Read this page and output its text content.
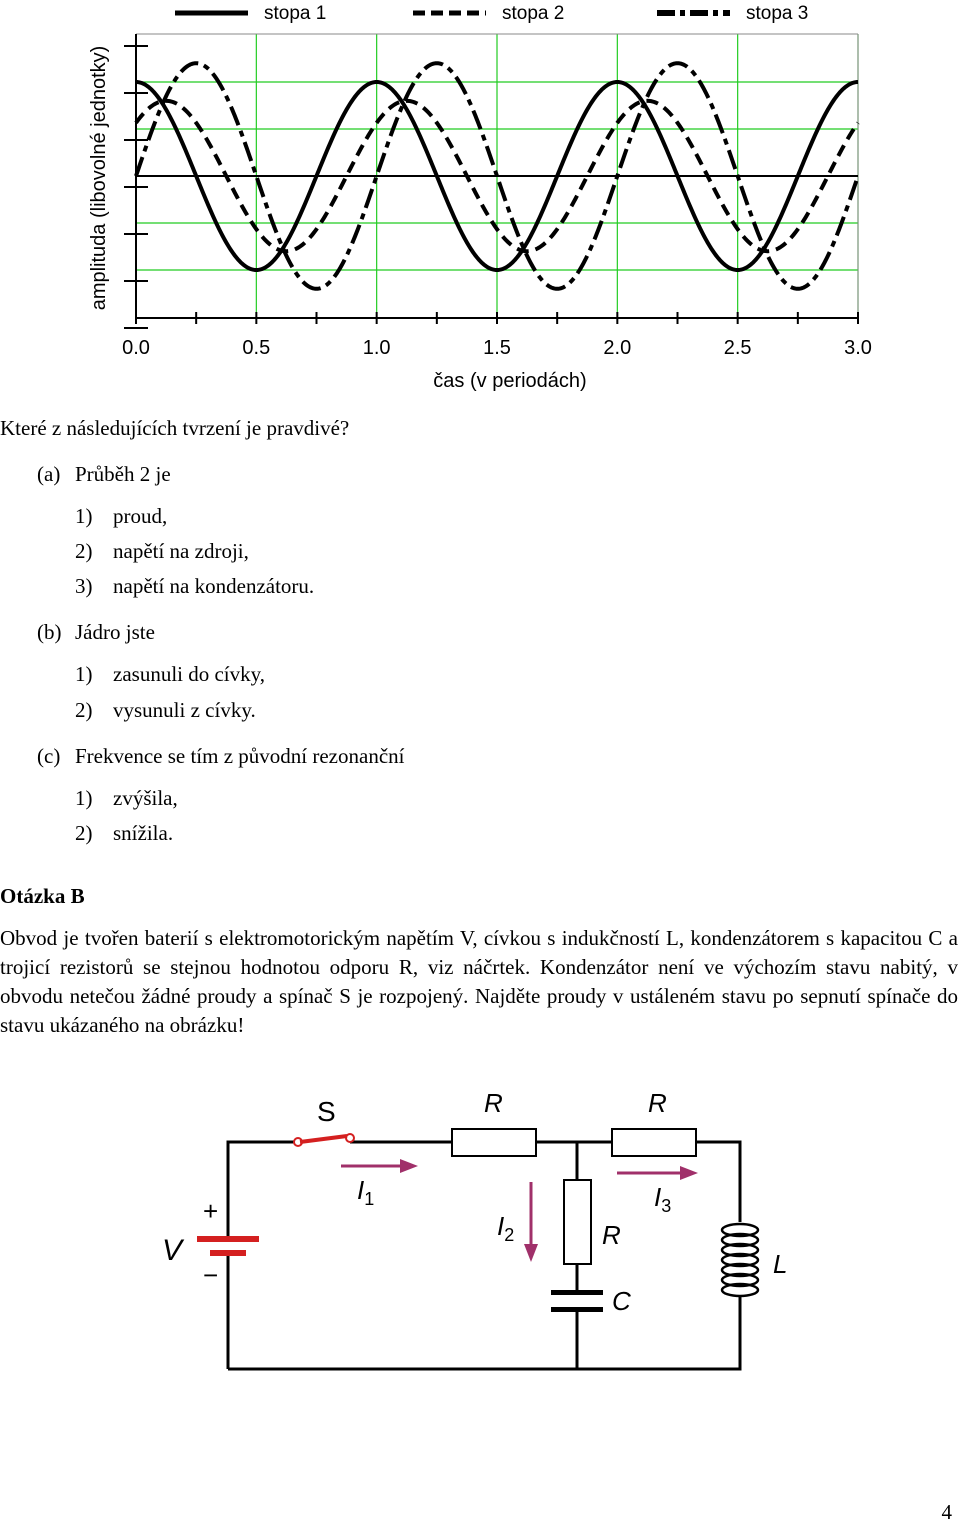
stopa 1	stopa 2	stopa 3
0.0	0.5	1.0	1.5	2.0	2.5	3.0
čas (v periodách)
amplituda (libovolné jednotky)
Které z následujících tvrzení je pravdivé?
(a) Průběh 2 je
1) proud,
2) napětí na zdroji,
3) napětí na kondenzátoru.
(b) Jádro jste
1) zasunuli do cívky,
2) vysunuli z cívky.
(c) Frekvence se tím z původní rezonanční
1) zvýšila,
2) snížila.
Otázka B
Obvod je tvořen baterií s elektromotorickým napětím V, cívkou s indukčností L, kondenzátorem s kapacitou C a trojicí rezistorů se stejnou hodnotou odporu R, viz náčrtek. Kondenzátor není ve výchozím stavu nabitý, v obvodu netečou žádné proudy a spínač S je rozpojený. Najděte proudy v ustáleném stavu po sepnutí spínače do stavu ukázaného na obrázku!
S	R	R
R
C
L
V
+
−
$I_1$
$I_2$
$I_3$
4
